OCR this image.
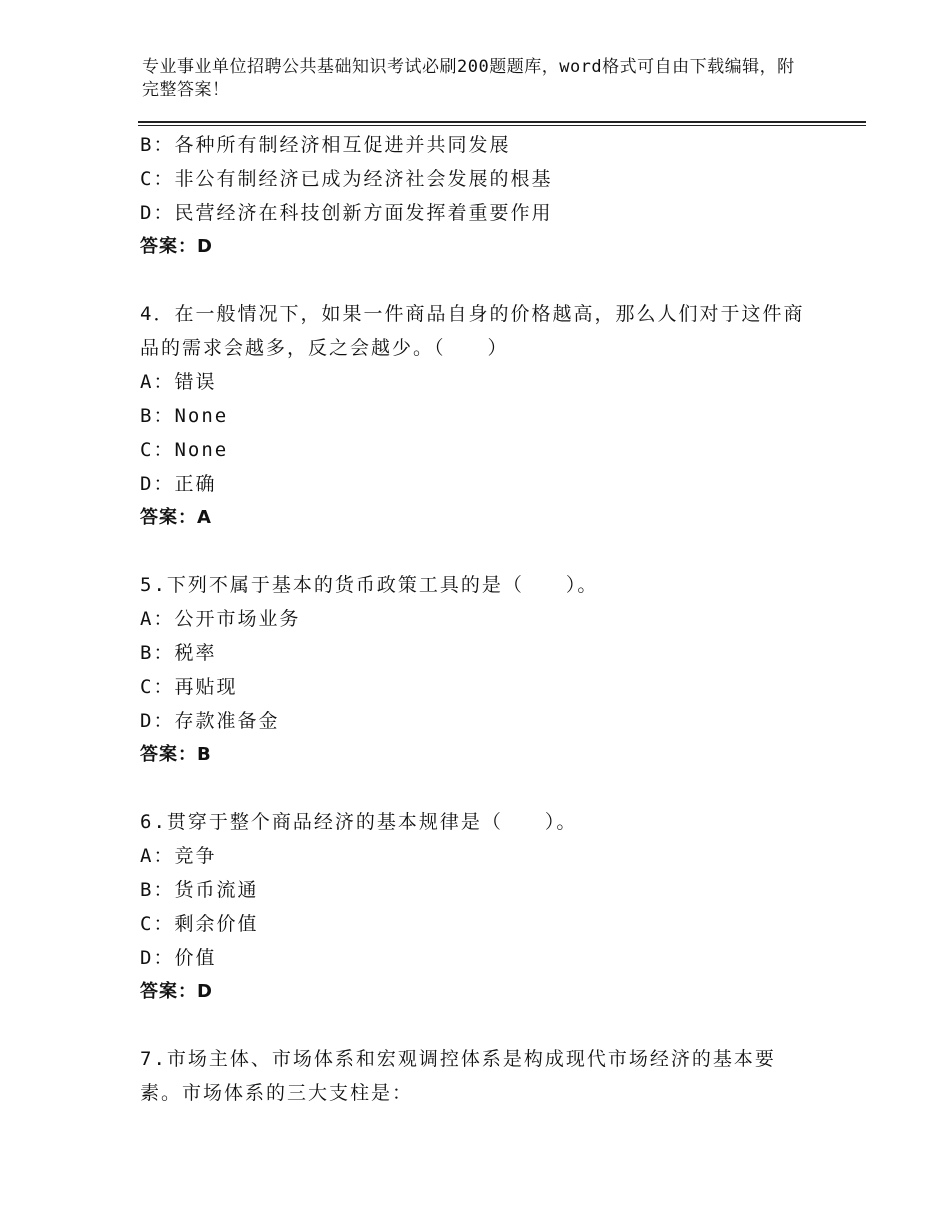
专业事业单位招聘公共基础知识考试必刷200题题库，word格式可自由下载编辑，附完整答案！
B：各种所有制经济相互促进并共同发展
C：非公有制经济已成为经济社会发展的根基
D：民营经济在科技创新方面发挥着重要作用
答案：D
4．在一般情况下，如果一件商品自身的价格越高，那么人们对于这件商品的需求会越多，反之会越少。（　　）
A：错误
B：None
C：None
D：正确
答案：A
5.下列不属于基本的货币政策工具的是（　　）。
A：公开市场业务
B：税率
C：再贴现
D：存款准备金
答案：B
6.贯穿于整个商品经济的基本规律是（　　）。
A：竞争
B：货币流通
C：剩余价值
D：价值
答案：D
7.市场主体、市场体系和宏观调控体系是构成现代市场经济的基本要素。市场体系的三大支柱是：
